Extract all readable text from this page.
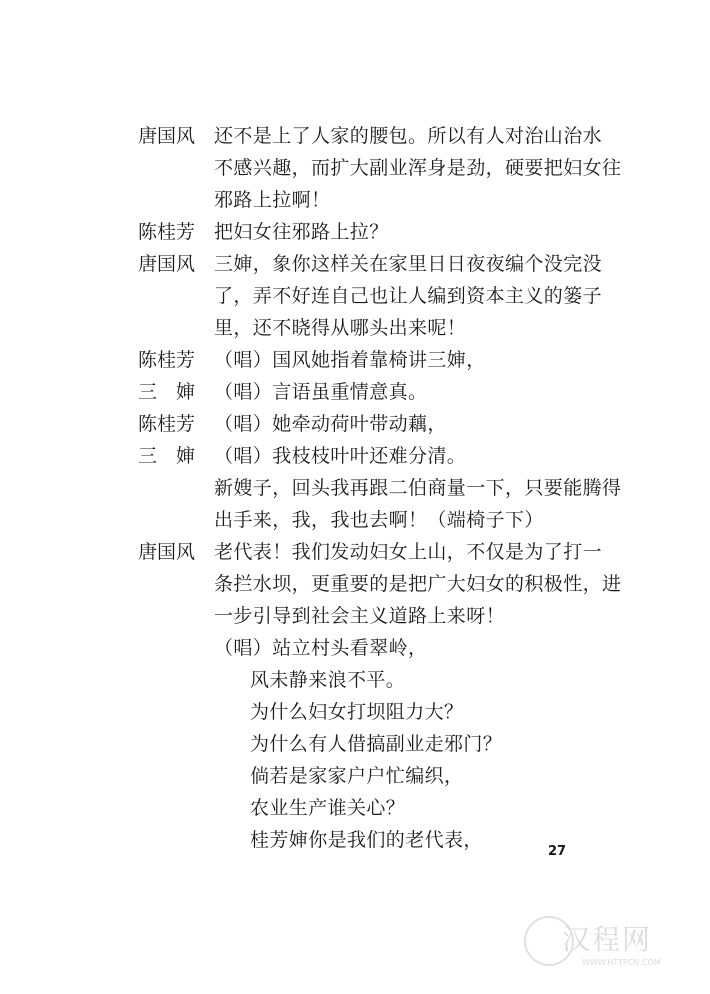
唐国风 还不是上了人家的腰包。所以有人对治山治水
不感兴趣，而扩大副业浑身是劲，硬要把妇女往
邪路上拉啊！
陈桂芳 把妇女往邪路上拉？
唐国风 三婶，象你这样关在家里日日夜夜编个没完没
了，弄不好连自己也让人编到资本主义的篓子
里，还不晓得从哪头出来呢！
陈桂芳 （唱）国风她指着靠椅讲三婶，
三　婶 （唱）言语虽重情意真。
陈桂芳 （唱）她牵动荷叶带动藕，
三　婶 （唱）我枝枝叶叶还难分清。
新嫂子，回头我再跟二伯商量一下，只要能腾得
出手来，我，我也去啊！（端椅子下）
唐国风 老代表！我们发动妇女上山，不仅是为了打一
条拦水坝，更重要的是把广大妇女的积极性，进
一步引导到社会主义道路上来呀！
（唱）站立村头看翠岭，
风未静来浪不平。
为什么妇女打坝阻力大？
为什么有人借搞副业走邪门？
倘若是家家户户忙编织，
农业生产谁关心？
桂芳婶你是我们的老代表，
27
汉程网
WWW.HTTPCN.COM
